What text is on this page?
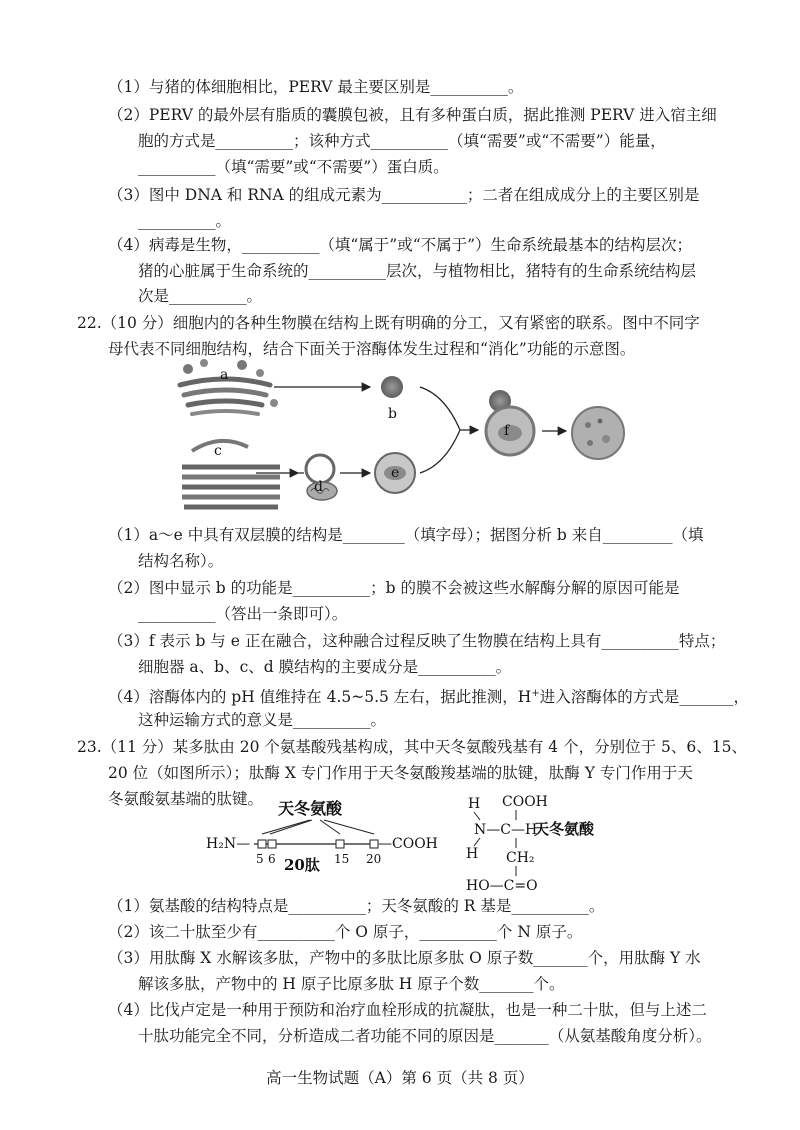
（1）与猪的体细胞相比，PERV 最主要区别是__________。
（2）PERV 的最外层有脂质的囊膜包被，且有多种蛋白质，据此推测 PERV 进入宿主细
胞的方式是__________；该种方式__________（填“需要”或“不需要”）能量，
__________（填“需要”或“不需要”）蛋白质。
（3）图中 DNA 和 RNA 的组成元素为___________；二者在组成成分上的主要区别是
__________。
（4）病毒是生物，__________（填“属于”或“不属于”）生命系统最基本的结构层次；
猪的心脏属于生命系统的__________层次，与植物相比，猪特有的生命系统结构层
次是__________。
22.（10 分）细胞内的各种生物膜在结构上既有明确的分工，又有紧密的联系。图中不同字
母代表不同细胞结构，结合下面关于溶酶体发生过程和“消化”功能的示意图。
a
b
c
d
e
f
（1）a～e 中具有双层膜的结构是________（填字母）；据图分析 b 来自_________（填
结构名称）。
（2）图中显示 b 的功能是__________；b 的膜不会被这些水解酶分解的原因可能是
__________（答出一条即可）。
（3）f 表示 b 与 e 正在融合，这种融合过程反映了生物膜在结构上具有__________特点；
细胞器 a、b、c、d 膜结构的主要成分是__________。
（4）溶酶体内的 pH 值维持在 4.5~5.5 左右，据此推测，H+进入溶酶体的方式是_______，
这种运输方式的意义是__________。
23.（11 分）某多肽由 20 个氨基酸残基构成，其中天冬氨酸残基有 4 个，分别位于 5、6、15、
20 位（如图所示）；肽酶 X 专门作用于天冬氨酸羧基端的肽键，肽酶 Y 专门作用于天
冬氨酸氨基端的肽键。 天冬氨酸
H₂N—	—COOH
5 6	15 20
20肽
H COOH
N—C—H
天冬氨酸
H CH₂
HO—C=O
（1）氨基酸的结构特点是__________；天冬氨酸的 R 基是__________。
（2）该二十肽至少有__________个 O 原子，__________个 N 原子。
（3）用肽酶 X 水解该多肽，产物中的多肽比原多肽 O 原子数_______个，用肽酶 Y 水
解该多肽，产物中的 H 原子比原多肽 H 原子个数_______个。
（4）比伐卢定是一种用于预防和治疗血栓形成的抗凝肽，也是一种二十肽，但与上述二
十肽功能完全不同，分析造成二者功能不同的原因是_______（从氨基酸角度分析）。
高一生物试题（A）第 6 页（共 8 页）
